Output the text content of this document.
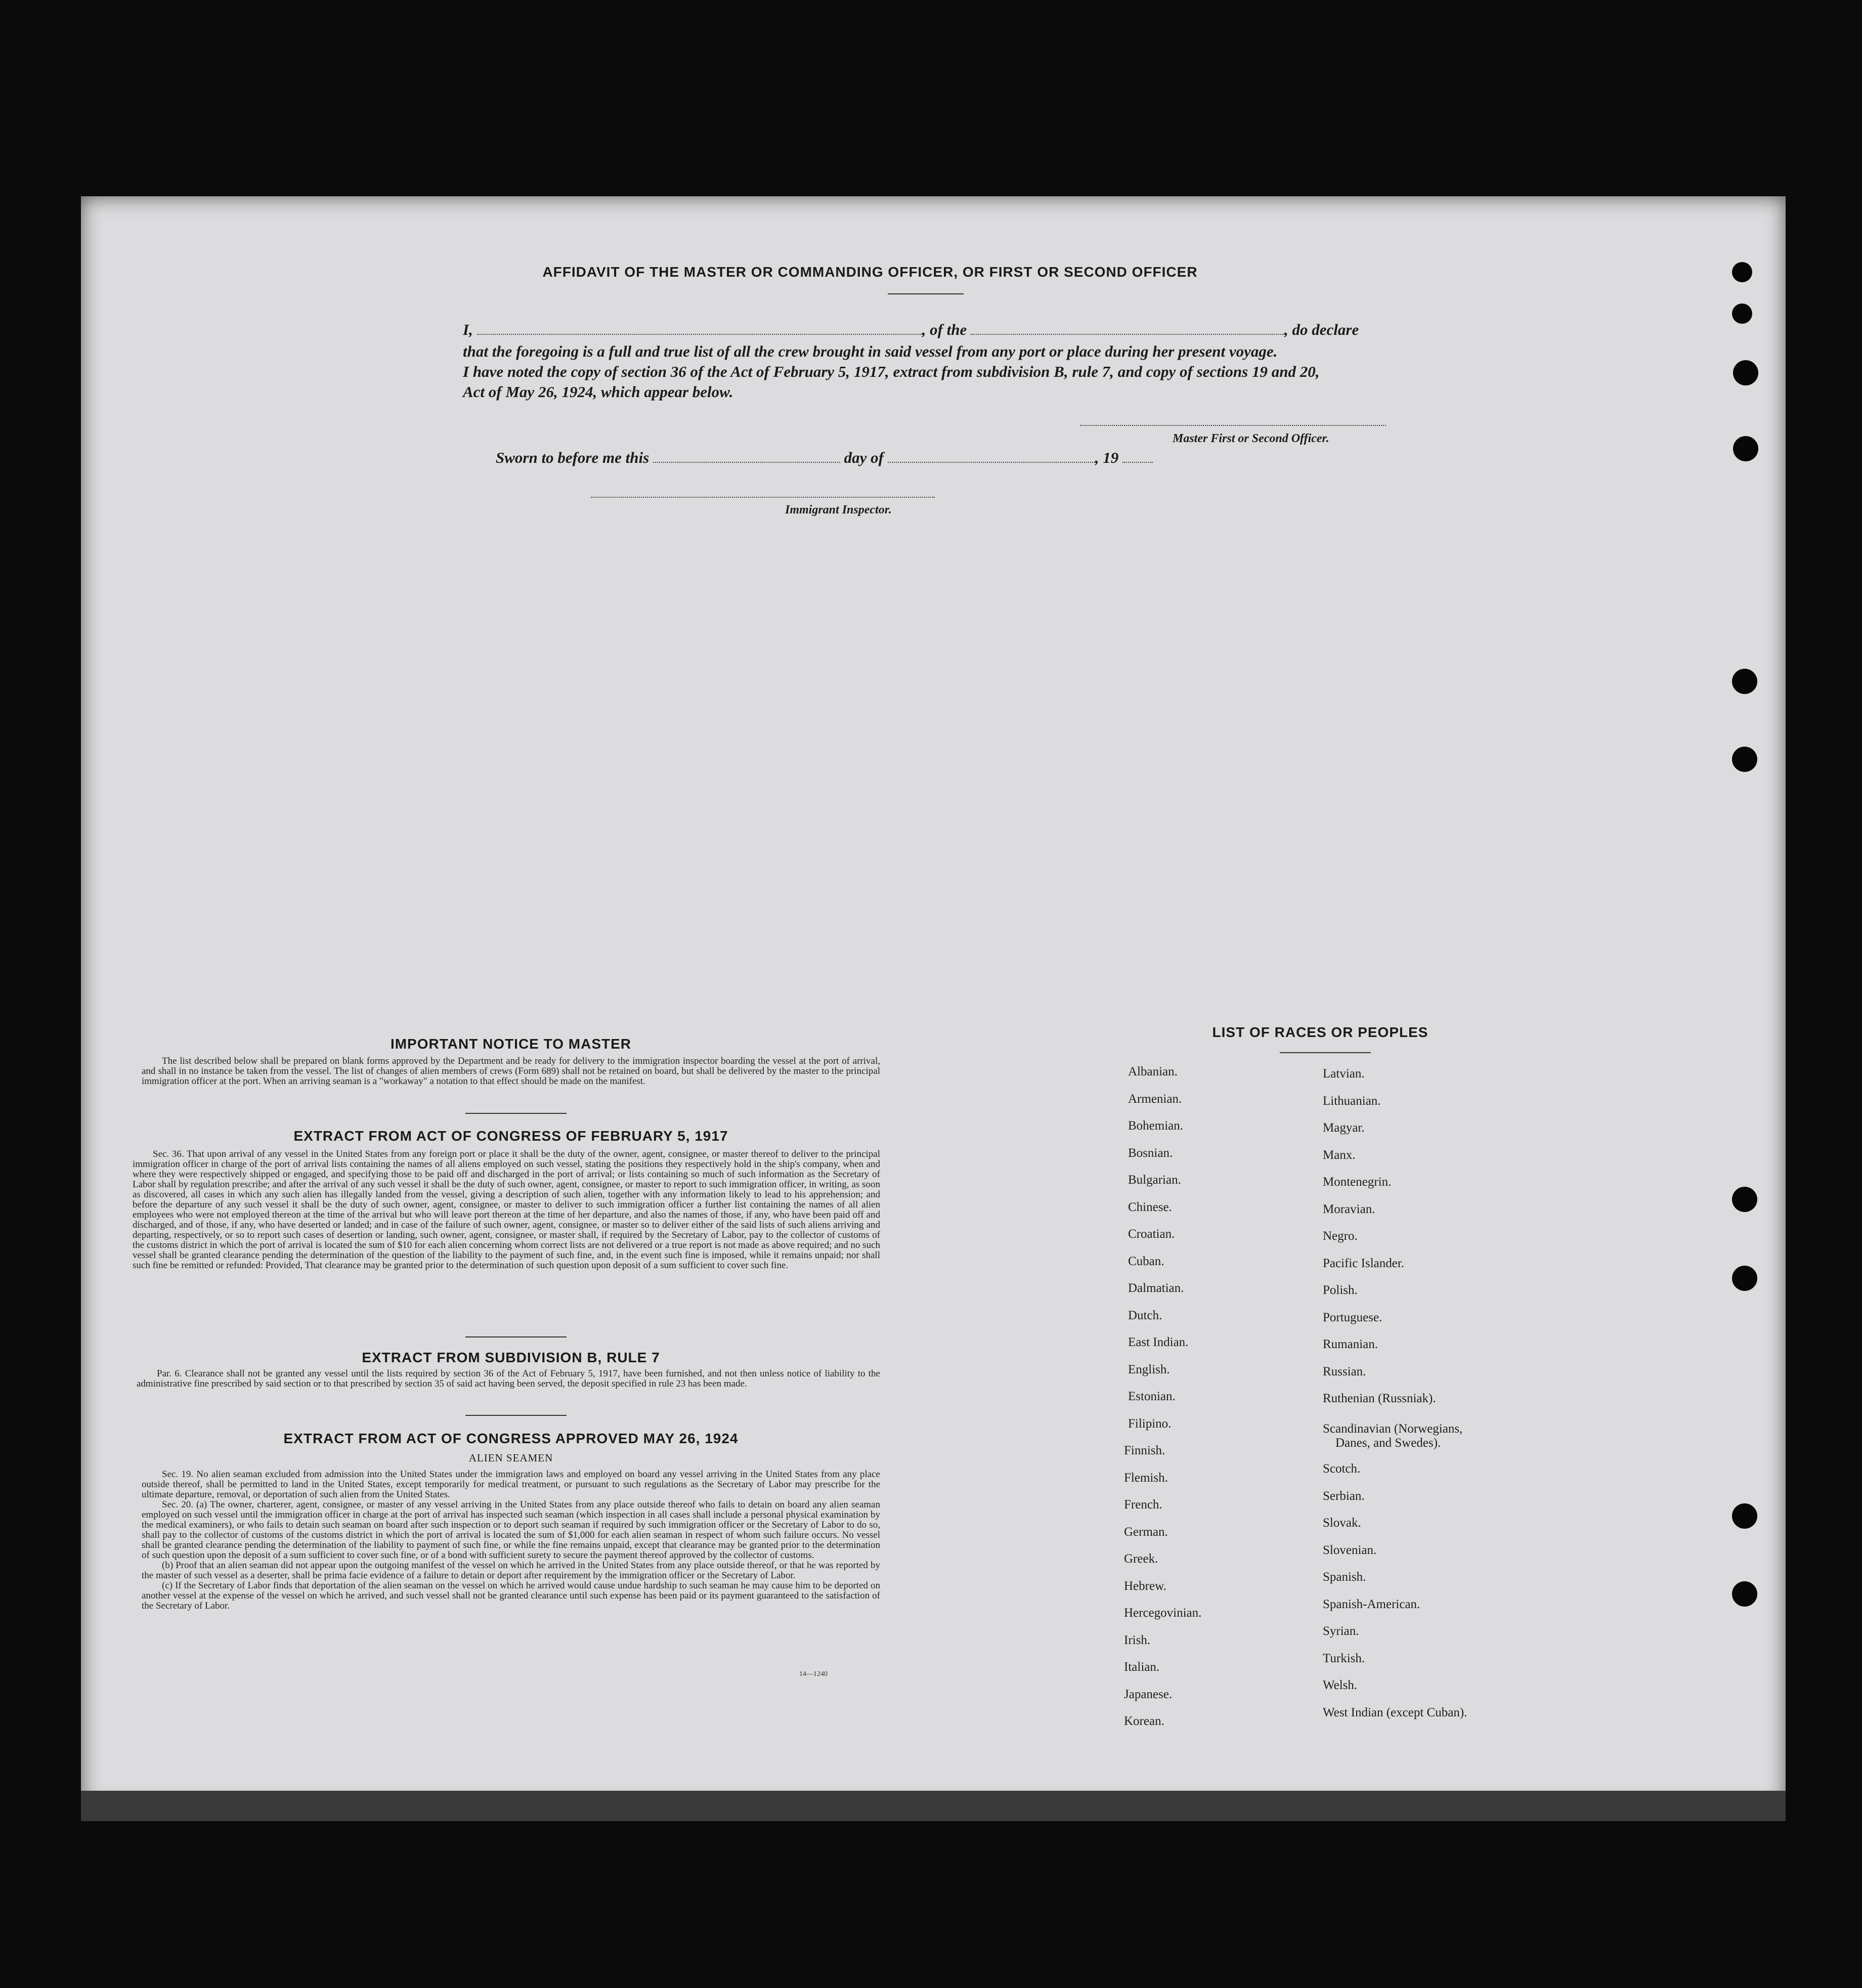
AFFIDAVIT OF THE MASTER OR COMMANDING OFFICER, OR FIRST OR SECOND OFFICER
I,	, of the	, do declare
that the foregoing is a full and true list of all the crew brought in said vessel from any port or place during her present voyage.
I have noted the copy of section 36 of the Act of February 5, 1917, extract from subdivision B, rule 7, and copy of sections 19 and 20,
Act of May 26, 1924, which appear below.
Master First or Second Officer.
Sworn to before me this	day of	, 19
Immigrant Inspector.
IMPORTANT NOTICE TO MASTER

The list described below shall be prepared on blank forms approved by the Department and be ready for delivery to the immigration inspector boarding the vessel at the port of arrival, and shall in no instance be taken from the vessel. The list of changes of alien members of crews (Form 689) shall not be retained on board, but shall be delivered by the master to the principal immigration officer at the port. When an arriving seaman is a "workaway" a notation to that effect should be made on the manifest.

EXTRACT FROM ACT OF CONGRESS OF FEBRUARY 5, 1917

Sec. 36. That upon arrival of any vessel in the United States from any foreign port or place it shall be the duty of the owner, agent, consignee, or master thereof to deliver to the principal immigration officer in charge of the port of arrival lists containing the names of all aliens employed on such vessel, stating the positions they respectively hold in the ship's company, when and where they were respectively shipped or engaged, and specifying those to be paid off and discharged in the port of arrival; or lists containing so much of such information as the Secretary of Labor shall by regulation prescribe; and after the arrival of any such vessel it shall be the duty of such owner, agent, consignee, or master to report to such immigration officer, in writing, as soon as discovered, all cases in which any such alien has illegally landed from the vessel, giving a description of such alien, together with any information likely to lead to his apprehension; and before the departure of any such vessel it shall be the duty of such owner, agent, consignee, or master to deliver to such immigration officer a further list containing the names of all alien employees who were not employed thereon at the time of the arrival but who will leave port thereon at the time of her departure, and also the names of those, if any, who have been paid off and discharged, and of those, if any, who have deserted or landed; and in case of the failure of such owner, agent, consignee, or master so to deliver either of the said lists of such aliens arriving and departing, respectively, or so to report such cases of desertion or landing, such owner, agent, consignee, or master shall, if required by the Secretary of Labor, pay to the collector of customs of the customs district in which the port of arrival is located the sum of $10 for each alien concerning whom correct lists are not delivered or a true report is not made as above required; and no such vessel shall be granted clearance pending the determination of the question of the liability to the payment of such fine, and, in the event such fine is imposed, while it remains unpaid; nor shall such fine be remitted or refunded: Provided, That clearance may be granted prior to the determination of such question upon deposit of a sum sufficient to cover such fine.

EXTRACT FROM SUBDIVISION B, RULE 7

Par. 6. Clearance shall not be granted any vessel until the lists required by section 36 of the Act of February 5, 1917, have been furnished, and not then unless notice of liability to the administrative fine prescribed by said section or to that prescribed by section 35 of said act having been served, the deposit specified in rule 23 has been made.

EXTRACT FROM ACT OF CONGRESS APPROVED MAY 26, 1924
ALIEN SEAMEN

Sec. 19. No alien seaman excluded from admission into the United States under the immigration laws and employed on board any vessel arriving in the United States from any place outside thereof, shall be permitted to land in the United States, except temporarily for medical treatment, or pursuant to such regulations as the Secretary of Labor may prescribe for the ultimate departure, removal, or deportation of such alien from the United States.

Sec. 20. (a) The owner, charterer, agent, consignee, or master of any vessel arriving in the United States from any place outside thereof who fails to detain on board any alien seaman employed on such vessel until the immigration officer in charge at the port of arrival has inspected such seaman (which inspection in all cases shall include a personal physical examination by the medical examiners), or who fails to detain such seaman on board after such inspection or to deport such seaman if required by such immigration officer or the Secretary of Labor to do so, shall pay to the collector of customs of the customs district in which the port of arrival is located the sum of $1,000 for each alien seaman in respect of whom such failure occurs. No vessel shall be granted clearance pending the determination of the liability to payment of such fine, or while the fine remains unpaid, except that clearance may be granted prior to the determination of such question upon the deposit of a sum sufficient to cover such fine, or of a bond with sufficient surety to secure the payment thereof approved by the collector of customs.

(b) Proof that an alien seaman did not appear upon the outgoing manifest of the vessel on which he arrived in the United States from any place outside thereof, or that he was reported by the master of such vessel as a deserter, shall be prima facie evidence of a failure to detain or deport after requirement by the immigration officer or the Secretary of Labor.

(c) If the Secretary of Labor finds that deportation of the alien seaman on the vessel on which he arrived would cause undue hardship to such seaman he may cause him to be deported on another vessel at the expense of the vessel on which he arrived, and such vessel shall not be granted clearance until such expense has been paid or its payment guaranteed to the satisfaction of the Secretary of Labor.

14—1240
LIST OF RACES OR PEOPLES
Albanian.
Armenian.
Bohemian.
Bosnian.
Bulgarian.
Chinese.
Croatian.
Cuban.
Dalmatian.
Dutch.
East Indian.
English.
Estonian.
Filipino.
Finnish.
Flemish.
French.
German.
Greek.
Hebrew.
Hercegovinian.
Irish.
Italian.
Japanese.
Korean.
Latvian.
Lithuanian.
Magyar.
Manx.
Montenegrin.
Moravian.
Negro.
Pacific Islander.
Polish.
Portuguese.
Rumanian.
Russian.
Ruthenian (Russniak).
Scandinavian (Norwegians,
Danes, and Swedes).
Scotch.
Serbian.
Slovak.
Slovenian.
Spanish.
Spanish-American.
Syrian.
Turkish.
Welsh.
West Indian (except Cuban).
